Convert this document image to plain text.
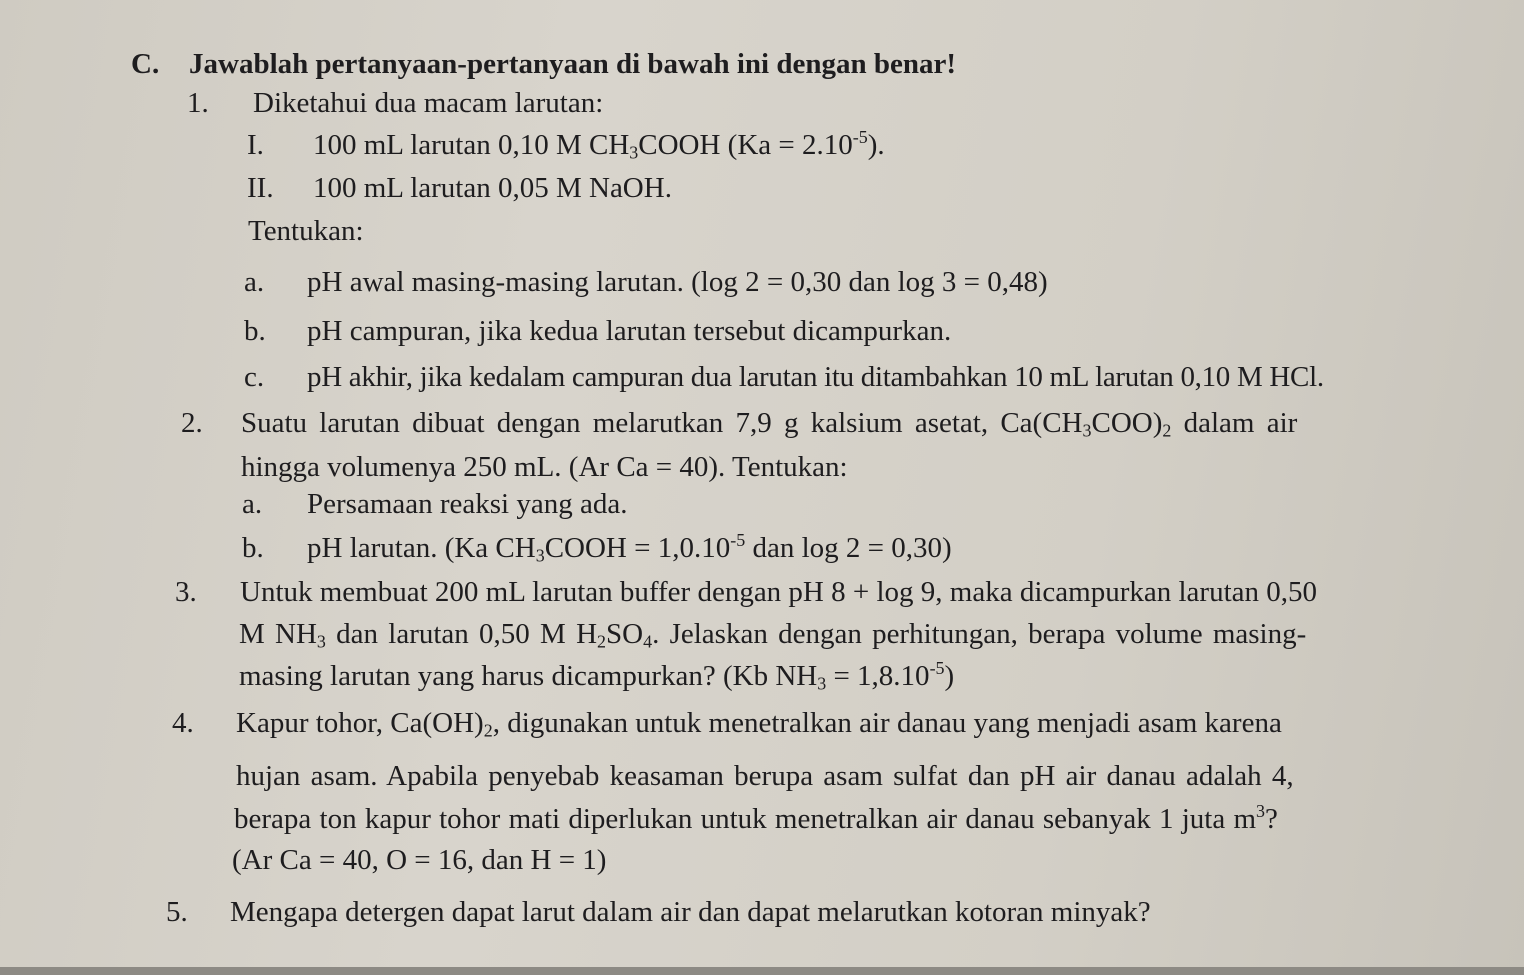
C. Jawablah pertanyaan-pertanyaan di bawah ini dengan benar!
1. Diketahui dua macam larutan:
I. 100 mL larutan 0,10 M $CH_3COOH$ $(Ka = 2.10^{-5})$.
II. 100 mL larutan 0,05 M NaOH.
Tentukan:
a. pH awal masing-masing larutan. (log 2 = 0,30 dan log 3 = 0,48)
b. pH campuran, jika kedua larutan tersebut dicampurkan.
c. pH akhir, jika kedalam campuran dua larutan itu ditambahkan 10 mL larutan 0,10 M HCl.
2. Suatu larutan dibuat dengan melarutkan 7,9 g kalsium asetat, $Ca(CH_3COO)_2$ dalam air
hingga volumenya 250 mL. (Ar Ca = 40). Tentukan:
a. Persamaan reaksi yang ada.
b. pH larutan. (Ka $CH_3COOH = 1,0.10^{-5}$ dan log 2 = 0,30)
3. Untuk membuat 200 mL larutan buffer dengan pH 8 + log 9, maka dicampurkan larutan 0,50
M $NH_3$ dan larutan 0,50 M $H_2SO_4$. Jelaskan dengan perhitungan, berapa volume masing-
masing larutan yang harus dicampurkan? (Kb $NH_3 = 1,8.10^{-5}$)
4. Kapur tohor, $Ca(OH)_2$, digunakan untuk menetralkan air danau yang menjadi asam karena
hujan asam. Apabila penyebab keasaman berupa asam sulfat dan pH air danau adalah 4,
berapa ton kapur tohor mati diperlukan untuk menetralkan air danau sebanyak 1 juta $m^3$?
(Ar Ca = 40, O = 16, dan H = 1)
5. Mengapa detergen dapat larut dalam air dan dapat melarutkan kotoran minyak?
